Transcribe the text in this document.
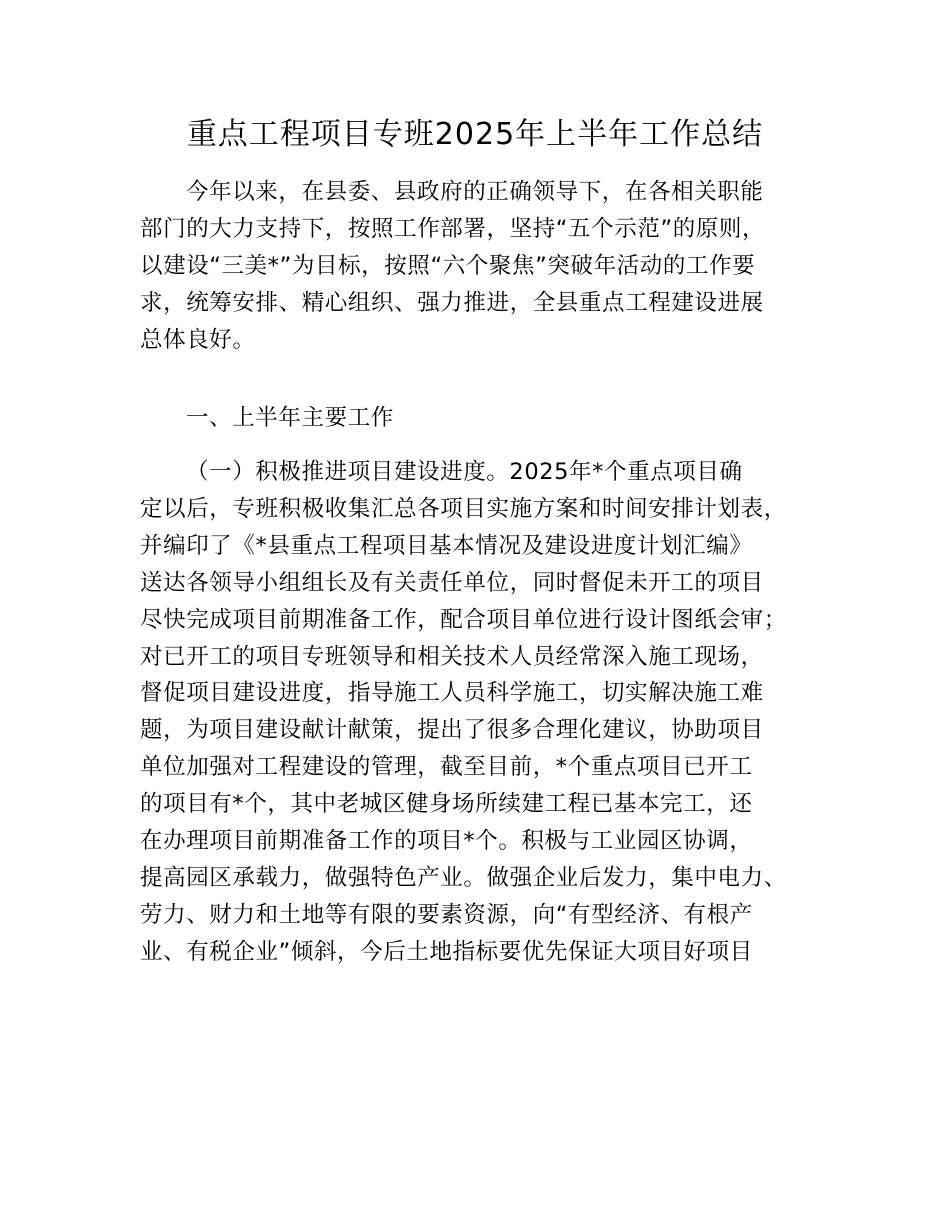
重点工程项目专班2025年上半年工作总结
今年以来，在县委、县政府的正确领导下，在各相关职能
部门的大力支持下，按照工作部署，坚持“五个示范”的原则，
以建设“三美*”为目标，按照“六个聚焦”突破年活动的工作要
求，统筹安排、精心组织、强力推进，全县重点工程建设进展
总体良好。
一、上半年主要工作
（一）积极推进项目建设进度。2025年*个重点项目确
定以后，专班积极收集汇总各项目实施方案和时间安排计划表，
并编印了《*县重点工程项目基本情况及建设进度计划汇编》
送达各领导小组组长及有关责任单位，同时督促未开工的项目
尽快完成项目前期准备工作，配合项目单位进行设计图纸会审；
对已开工的项目专班领导和相关技术人员经常深入施工现场，
督促项目建设进度，指导施工人员科学施工，切实解决施工难
题，为项目建设献计献策，提出了很多合理化建议，协助项目
单位加强对工程建设的管理，截至目前，*个重点项目已开工
的项目有*个，其中老城区健身场所续建工程已基本完工，还
在办理项目前期准备工作的项目*个。积极与工业园区协调，
提高园区承载力，做强特色产业。做强企业后发力，集中电力、
劳力、财力和土地等有限的要素资源，向“有型经济、有根产
业、有税企业”倾斜，今后土地指标要优先保证大项目好项目
